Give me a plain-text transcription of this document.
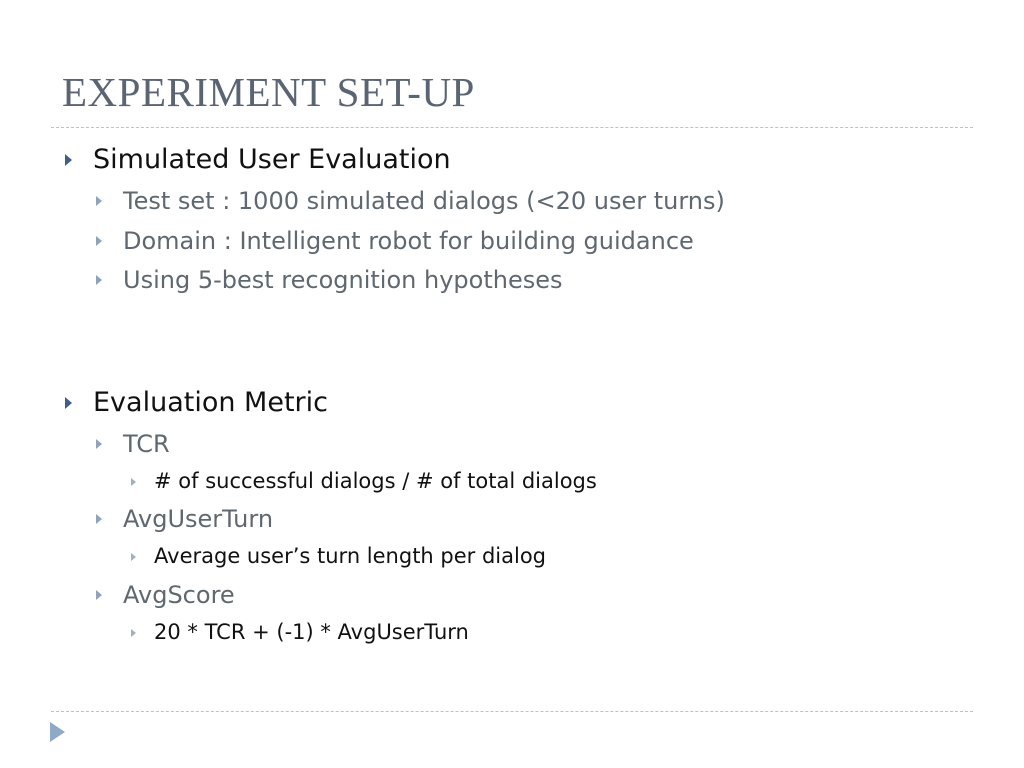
EXPERIMENT SET-UP
Simulated User Evaluation
Test set : 1000 simulated dialogs (<20 user turns)
Domain : Intelligent robot for building guidance
Using 5-best recognition hypotheses
Evaluation Metric
TCR
# of successful dialogs / # of total dialogs
AvgUserTurn
Average user’s turn length per dialog
AvgScore
20 * TCR + (-1) * AvgUserTurn
